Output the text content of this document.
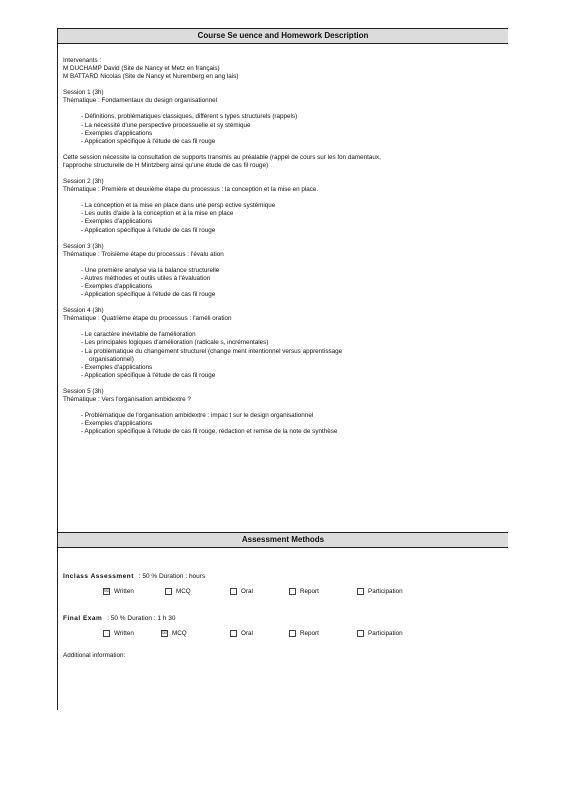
Course Se uence and Homework Description
Intervenants :
M DUCHAMP David (Site de Nancy et Metz en français)
M BATTARD Nicolas (Site de Nancy et Nuremberg en ang lais)
Session 1 (3h)
Thématique : Fondamentaux du design organisationnel
- Définitions, problématiques classiques, différent s types structurels (rappels)
- La nécessité d'une perspective processuelle et sy stémique
- Exemples d'applications
- Application spécifique à l'étude de cas fil rouge
Cette session nécessite la consultation de supports transmis au préalable (rappel de cours sur les fon damentaux,
l'approche structurelle de H Mintzberg ainsi qu'une étude de cas fil rouge)
Session 2 (3h)
Thématique : Première et deuxième étape du processus : la conception et la mise en place.
- La conception et la mise en place dans une persp ective systémique
- Les outils d'aide à la conception et à la mise en place
- Exemples d'applications
- Application spécifique à l'étude de cas fil rouge
Session 3 (3h)
Thématique : Troisième étape du processus : l'évalu ation
- Une première analyse via la balance structurelle
- Autres méthodes et outils utiles à l'évaluation
- Exemples d'applications
- Application spécifique à l'étude de cas fil rouge
Session 4 (3h)
Thématique : Quatrième étape du processus : l'améli oration
- Le caractère inévitable de l'amélioration
- Les principales logiques d'amélioration (radicale s, incrémentales)
- La problématique du changement structurel (change ment intentionnel versus apprentissage
organisationnel)
- Exemples d'applications
- Application spécifique à l'étude de cas fil rouge
Session 5 (3h)
Thématique : Vers l'organisation ambidextre ?
- Problématique de l'organisation ambidextre : impac t sur le design organisationnel
- Exemples d'applications
- Application spécifique à l'étude de cas fil rouge, rédaction et remise de la note de synthèse
Assessment Methods
Inclass Assessment : 50 % Duration : hours
☒ Written	MCQ	Oral	Report	Participation
Final Exam : 50 % Duration : 1 h 30
Written	☒ MCQ	Oral	Report	Participation
Additional information:
